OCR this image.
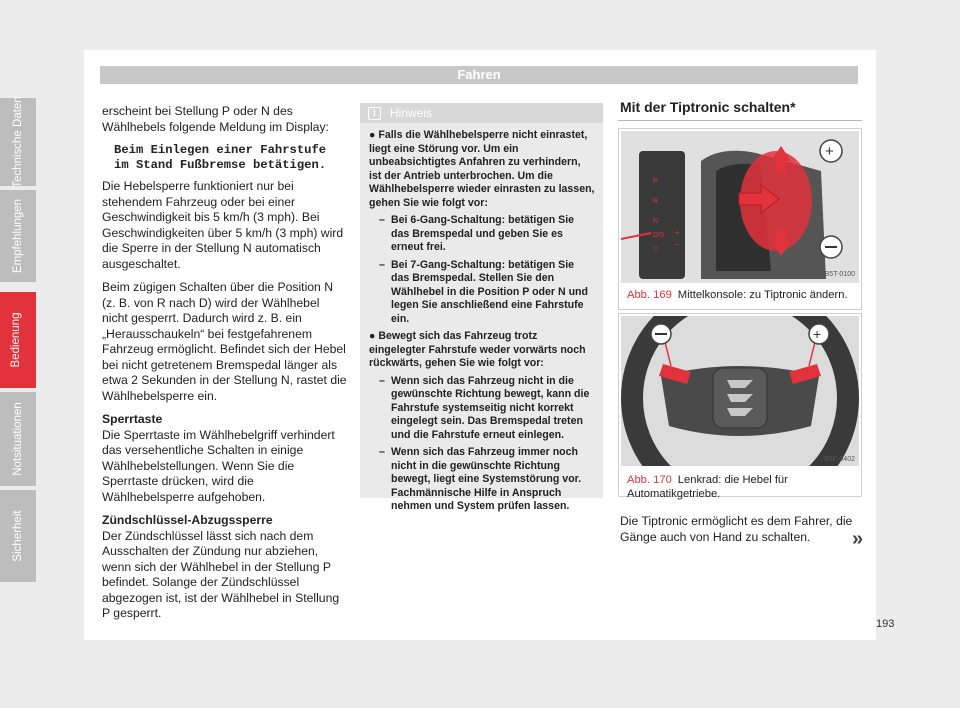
Fahren

erscheint bei Stellung P oder N des Wählhebels folgende Meldung im Display:

Beim Einlegen einer Fahrstufe im Stand Fußbremse betätigen.

Die Hebelsperre funktioniert nur bei stehendem Fahrzeug oder bei einer Geschwindigkeit bis 5 km/h (3 mph). Bei Geschwindigkeiten über 5 km/h (3 mph) wird die Sperre in der Stellung N automatisch ausgeschaltet.

Beim zügigen Schalten über die Position N (z. B. von R nach D) wird der Wählhebel nicht gesperrt. Dadurch wird z. B. ein „Herausschaukeln“ bei festgefahrenem Fahrzeug ermöglicht. Befindet sich der Hebel bei nicht getretenem Bremspedal länger als etwa 2 Sekunden in der Stellung N, rastet die Wählhebelsperre ein.

Sperrtaste
Die Sperrtaste im Wählhebelgriff verhindert das versehentliche Schalten in einige Wählhebelstellungen. Wenn Sie die Sperrtaste drücken, wird die Wählhebelsperre aufgehoben.

Zündschlüssel-Abzugssperre
Der Zündschlüssel lässt sich nach dem Ausschalten der Zündung nur abziehen, wenn sich der Wählhebel in der Stellung P befindet. Solange der Zündschlüssel abgezogen ist, ist der Wählhebel in Stellung P gesperrt.

i	Hinweis
● Falls die Wählhebelsperre nicht einrastet, liegt eine Störung vor. Um ein unbeabsichtigtes Anfahren zu verhindern, ist der Antrieb unterbrochen. Um die Wählhebelsperre wieder einrasten zu lassen, gehen Sie wie folgt vor:
– Bei 6-Gang-Schaltung: betätigen Sie das Bremspedal und geben Sie es erneut frei.
– Bei 7-Gang-Schaltung: betätigen Sie das Bremspedal. Stellen Sie den Wählhebel in die Position P oder N und legen Sie anschließend eine Fahrstufe ein.
● Bewegt sich das Fahrzeug trotz eingelegter Fahrstufe weder vorwärts noch rückwärts, gehen Sie wie folgt vor:
– Wenn sich das Fahrzeug nicht in die gewünschte Richtung bewegt, kann die Fahrstufe systemseitig nicht korrekt eingelegt sein. Das Bremspedal treten und die Fahrstufe erneut einlegen.
– Wenn sich das Fahrzeug immer noch nicht in die gewünschte Richtung bewegt, liegt eine Systemstörung vor. Fachmännische Hilfe in Anspruch nehmen und System prüfen lassen.
Mit der Tiptronic schalten*
P
R
N
D/S
▽
+
–
+
Abb. 169 Mittelkonsole: zu Tiptronic ändern.
B5T-0100
+
Abb. 170 Lenkrad: die Hebel für Automatikgetriebe.
B5F-0402
Die Tiptronic ermöglicht es dem Fahrer, die Gänge auch von Hand zu schalten.	»
Technische Daten
Empfehlungen
Bedienung
Notsituationen
Sicherheit
193
